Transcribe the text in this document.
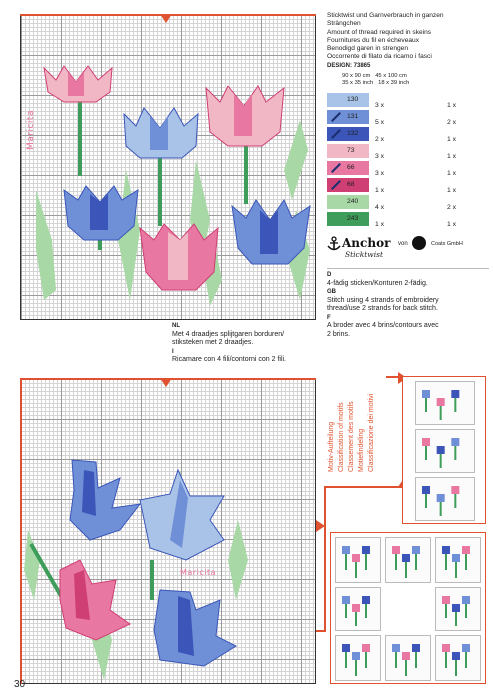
Maricita
Sticktwist und Garnverbrauch in ganzen
Strängchen
Amount of thread required in skeins
Fournitures du fil en écheveaux
Benodigd garen in strengen
Occorrente di filato da ricamo i fasci
DESIGN: 73865
90 x 90 cm 45 x 100 cm
35 x 35 inch 18 x 39 inch
130
3 x	1 x

131
5 x	2 x

132
2 x	1 x

73
3 x	1 x

66
3 x	1 x

68
1 x	1 x

240
4 x	2 x

243
1 x	1 x
Anchor von
Sticktwist
Coats GmbH
D
4-fädig sticken/Konturen 2-fädig.
GB
Stitch using 4 strands of embroidery
thread/use 2 strands for back stitch.
F
A broder avec 4 brins/contours avec
2 brins.
NL
Met 4 draadjes splijtgaren borduren/
stiksteken met 2 draadjes.
I
Ricamare con 4 fili/contorni con 2 fili.
Maricita
Motiv-Aufteilung Classification of motifs Classement des motifs Motiefindeling Classificazione dei motivi
30
